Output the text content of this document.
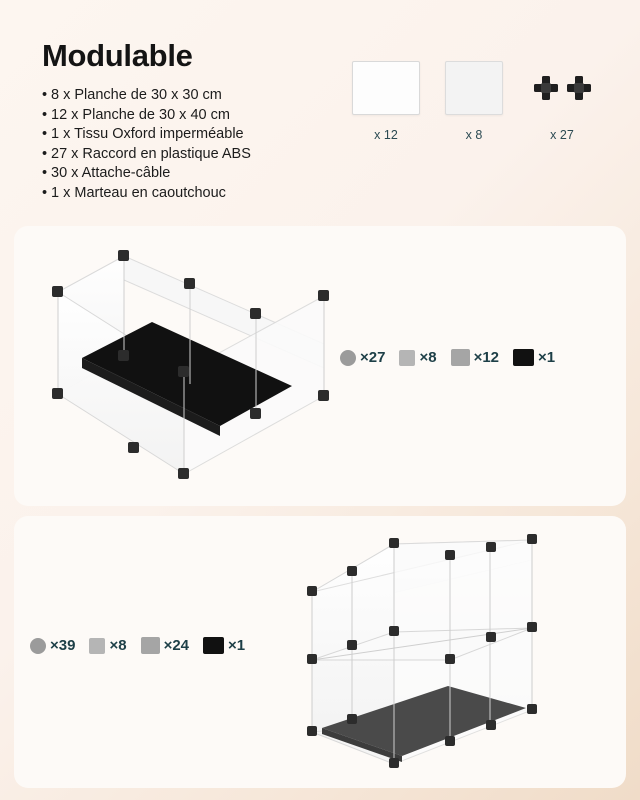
Modulable
• 8 x Planche de 30 x 30 cm
• 12 x Planche de 30 x 40 cm
• 1 x Tissu Oxford imperméable
• 27 x Raccord en plastique ABS
• 30 x Attache-câble
• 1 x Marteau en caoutchouc
x 12	x 8	x 27
×27 ×8 ×12	×1
×39 ×8 ×24	×1
